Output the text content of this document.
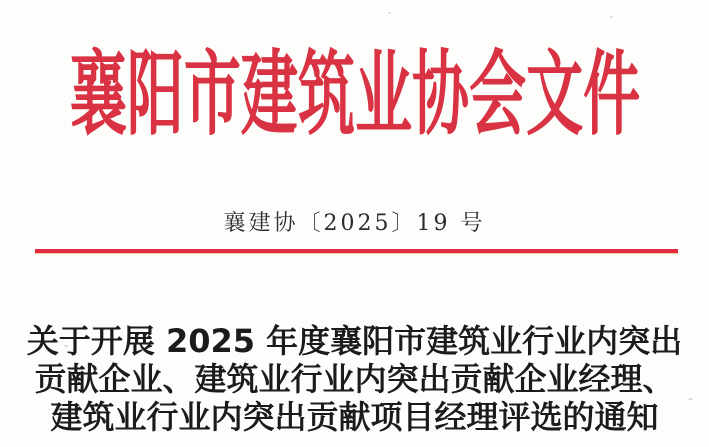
襄阳市建筑业协会文件
襄建协〔2025〕19 号
关于开展 2025 年度襄阳市建筑业行业内突出
贡献企业、建筑业行业内突出贡献企业经理、
建筑业行业内突出贡献项目经理评选的通知
